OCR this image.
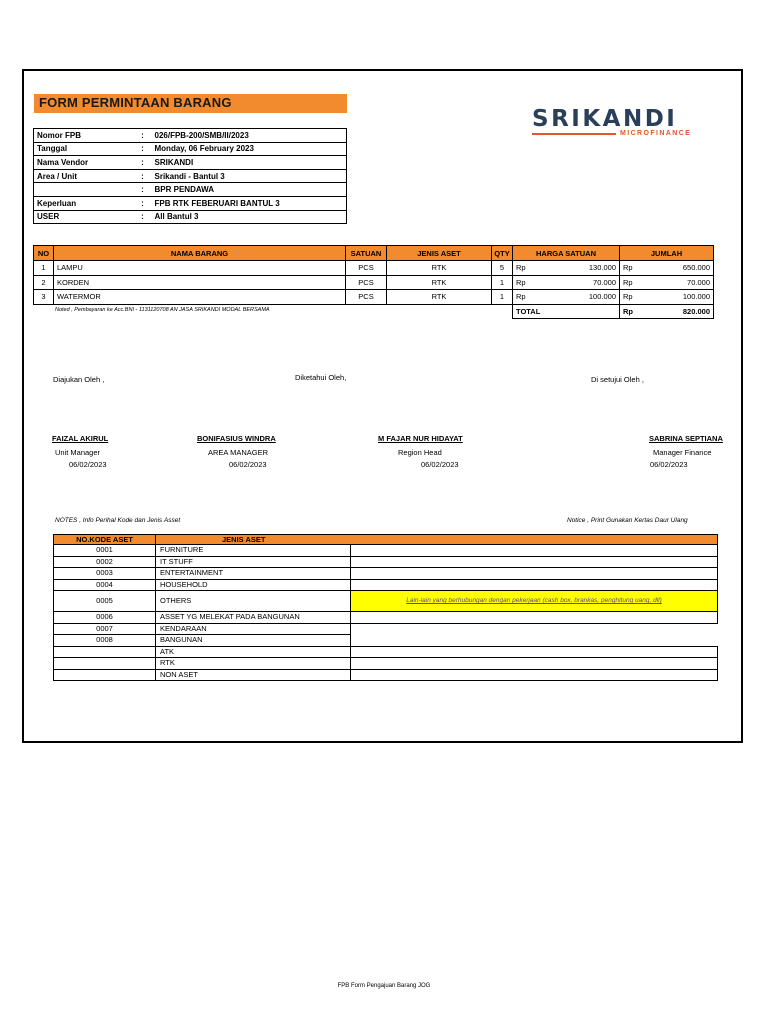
FORM PERMINTAAN BARANG
Nomor FPB	:	026/FPB-200/SMB/II/2023
Tanggal	:	Monday, 06 February 2023
Nama Vendor	:	SRIKANDI
Area / Unit	:	Srikandi - Bantul 3
	:	BPR PENDAWA
Keperluan	:	FPB RTK FEBERUARI BANTUL 3
USER	:	All Bantul 3
SRIKANDI
MICROFINANCE
NO	NAMA BARANG	SATUAN	JENIS ASET	QTY	HARGA SATUAN		JUMLAH	
1	LAMPU	PCS	RTK	5	Rp	130.000	Rp	650.000
2	KORDEN	PCS	RTK	1	Rp	70.000	Rp	70.000
3	WATERMOR	PCS	RTK	1	Rp	100.000	Rp	100.000
					TOTAL		Rp	820.000
Noted , Pembayaran ke Acc.BNI - 1131120708 AN JASA SRIKANDI MODAL BERSAMA
Diajukan Oleh ,	Diketahui Oleh,	Di setujui Oleh ,
FAIZAL AKIRUL
Unit Manager
06/02/2023
BONIFASIUS WINDRA
AREA MANAGER
06/02/2023
M FAJAR NUR HIDAYAT
Region Head
06/02/2023
SABRINA SEPTIANA
Manager Finance
06/02/2023
NOTES , Info Perihal Kode dan Jenis Asset	Notice , Print Gunakan Kertas Daur Ulang
NO.KODE ASET	JENIS ASET	
0001	FURNITURE	
0002	IT STUFF	
0003	ENTERTAINMENT	
0004	HOUSEHOLD	
0005	OTHERS	Lain-lain yang berhubungan dengan pekerjaan (cash box, brankas, penghitung uang, dll)
0006	ASSET YG MELEKAT PADA BANGUNAN	
0007	KENDARAAN	
0008	BANGUNAN	
	ATK	
	RTK	
	NON ASET	
FPB Form Pengajuan Barang JOG
